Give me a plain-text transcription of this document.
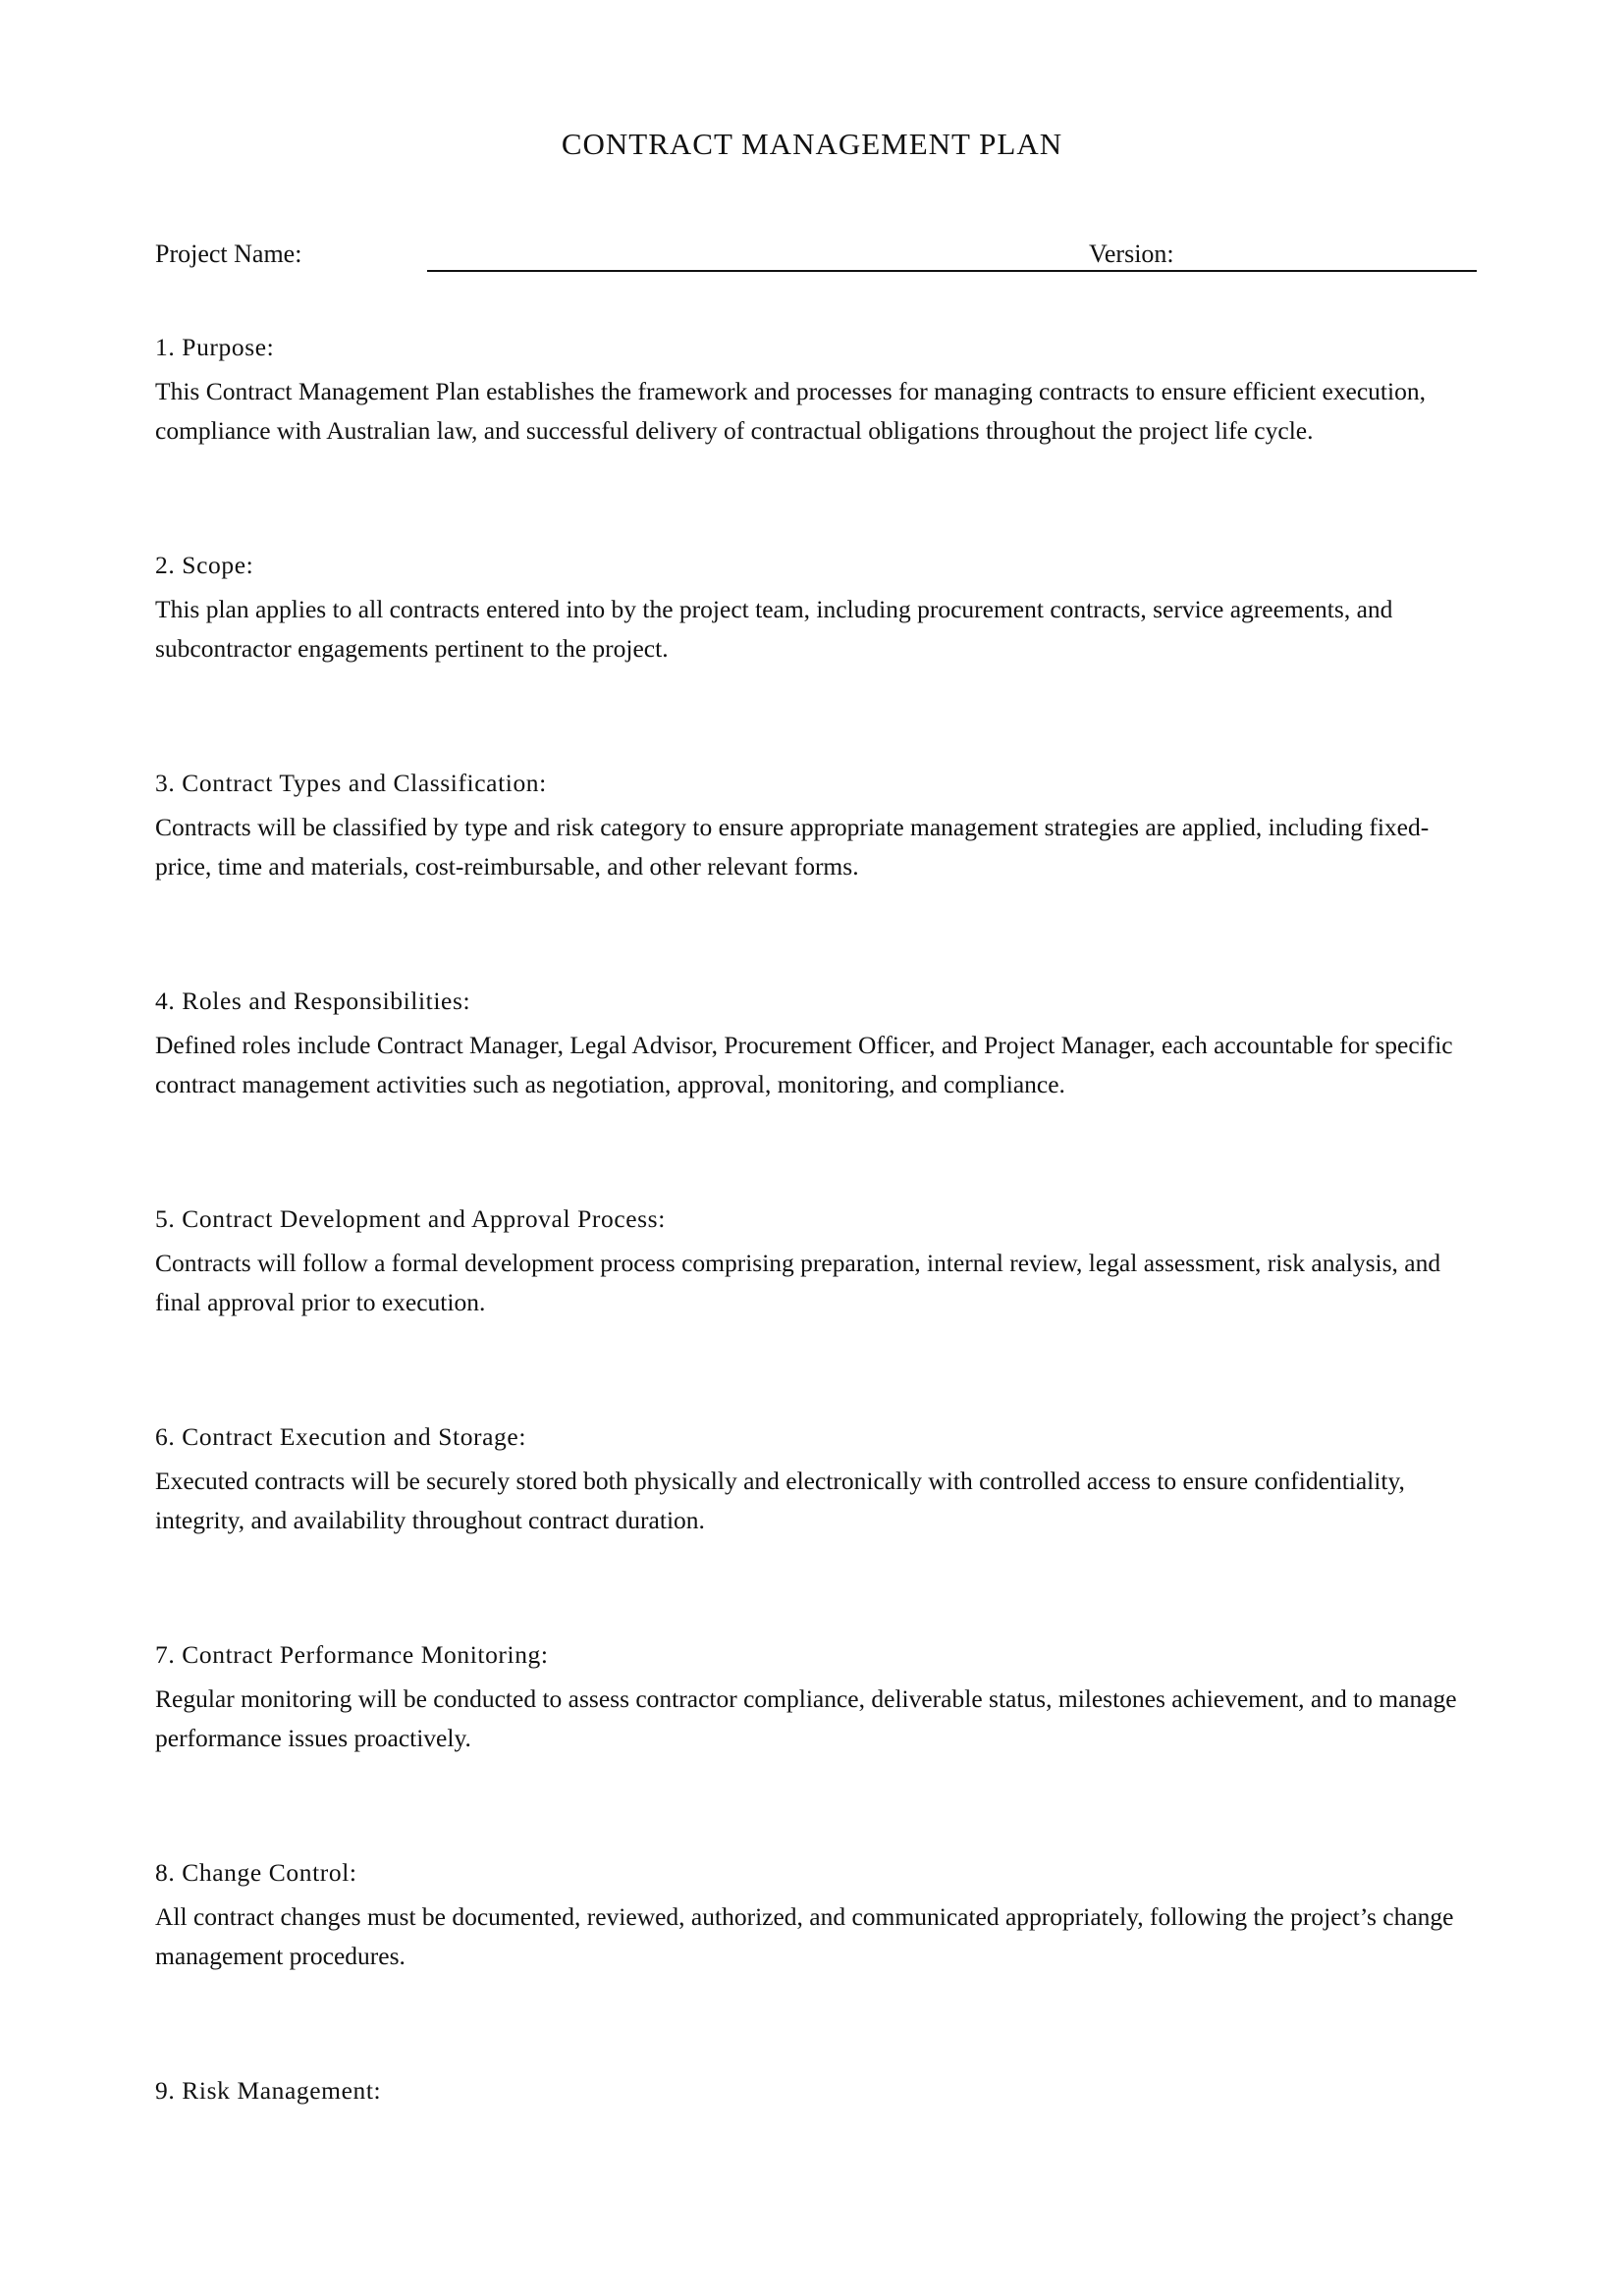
CONTRACT MANAGEMENT PLAN
Project Name:	Version:
1. Purpose:

This Contract Management Plan establishes the framework and processes for managing contracts to ensure efficient execution, compliance with Australian law, and successful delivery of contractual obligations throughout the project life cycle.

2. Scope:

This plan applies to all contracts entered into by the project team, including procurement contracts, service agreements, and subcontractor engagements pertinent to the project.

3. Contract Types and Classification:

Contracts will be classified by type and risk category to ensure appropriate management strategies are applied, including fixed-price, time and materials, cost-reimbursable, and other relevant forms.

4. Roles and Responsibilities:

Defined roles include Contract Manager, Legal Advisor, Procurement Officer, and Project Manager, each accountable for specific contract management activities such as negotiation, approval, monitoring, and compliance.

5. Contract Development and Approval Process:

Contracts will follow a formal development process comprising preparation, internal review, legal assessment, risk analysis, and final approval prior to execution.

6. Contract Execution and Storage:

Executed contracts will be securely stored both physically and electronically with controlled access to ensure confidentiality, integrity, and availability throughout contract duration.

7. Contract Performance Monitoring:

Regular monitoring will be conducted to assess contractor compliance, deliverable status, milestones achievement, and to manage performance issues proactively.

8. Change Control:

All contract changes must be documented, reviewed, authorized, and communicated appropriately, following the project’s change management procedures.

9. Risk Management:
